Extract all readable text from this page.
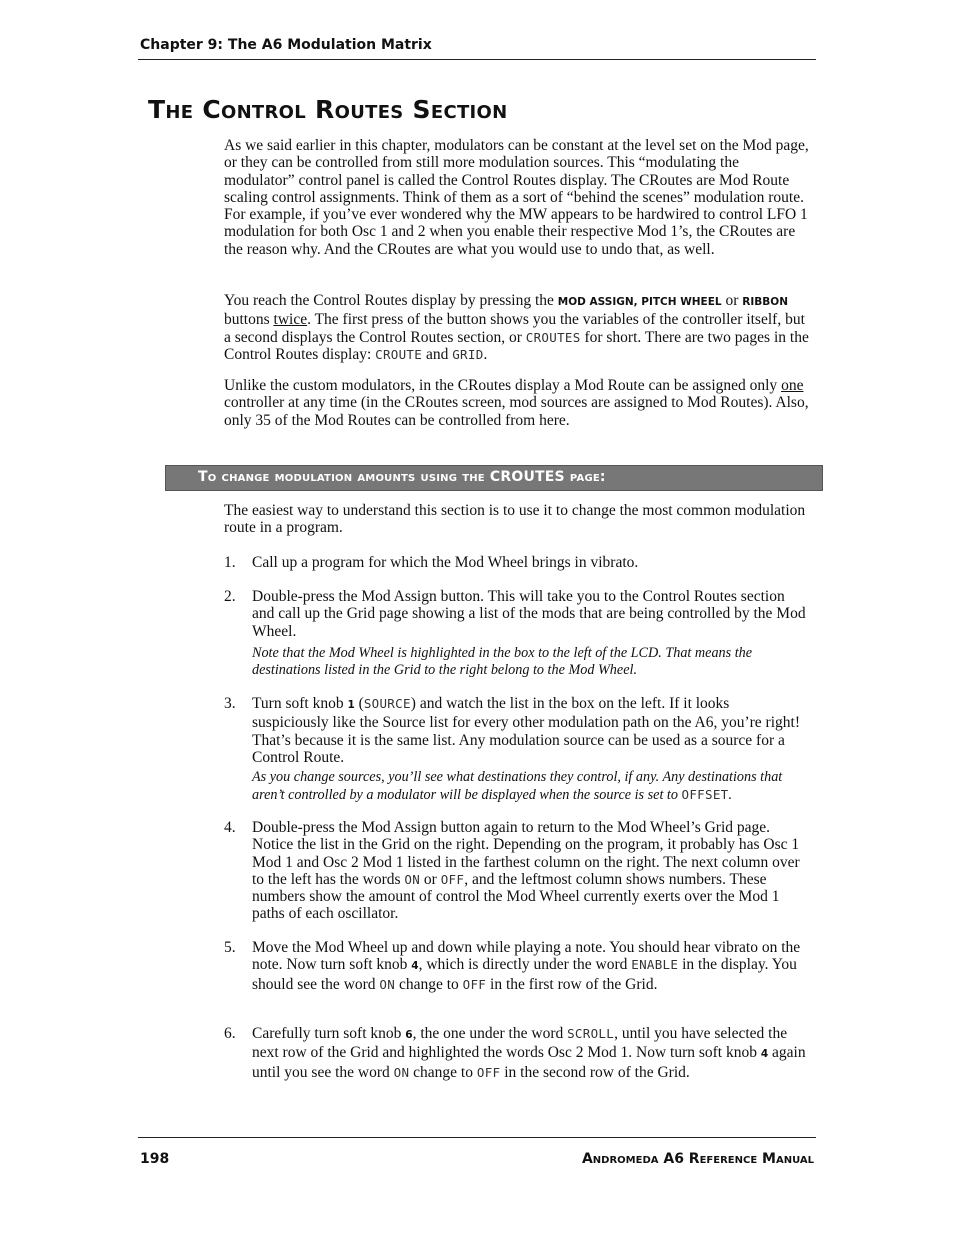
Chapter 9: The A6 Modulation Matrix
The Control Routes Section
As we said earlier in this chapter, modulators can be constant at the level set on the Mod page, or they can be controlled from still more modulation sources. This “modulating the modulator” control panel is called the Control Routes display. The CRoutes are Mod Route scaling control assignments. Think of them as a sort of “behind the scenes” modulation route. For example, if you’ve ever wondered why the MW appears to be hardwired to control LFO 1 modulation for both Osc 1 and 2 when you enable their respective Mod 1’s, the CRoutes are the reason why. And the CRoutes are what you would use to undo that, as well.
You reach the Control Routes display by pressing the MOD ASSIGN, PITCH WHEEL or RIBBON buttons twice. The first press of the button shows you the variables of the controller itself, but a second displays the Control Routes section, or CROUTES for short. There are two pages in the Control Routes display: CROUTE and GRID.
Unlike the custom modulators, in the CRoutes display a Mod Route can be assigned only one controller at any time (in the CRoutes screen, mod sources are assigned to Mod Routes). Also, only 35 of the Mod Routes can be controlled from here.
To change modulation amounts using the CROUTES page:
The easiest way to understand this section is to use it to change the most common modulation route in a program.
1.	Call up a program for which the Mod Wheel brings in vibrato.
2.	Double-press the Mod Assign button. This will take you to the Control Routes section and call up the Grid page showing a list of the mods that are being controlled by the Mod Wheel.
Note that the Mod Wheel is highlighted in the box to the left of the LCD. That means the destinations listed in the Grid to the right belong to the Mod Wheel.
3.	Turn soft knob 1 (SOURCE) and watch the list in the box on the left. If it looks suspiciously like the Source list for every other modulation path on the A6, you’re right! That’s because it is the same list. Any modulation source can be used as a source for a Control Route.
As you change sources, you’ll see what destinations they control, if any. Any destinations that aren’t controlled by a modulator will be displayed when the source is set to OFFSET.
4.	Double-press the Mod Assign button again to return to the Mod Wheel’s Grid page. Notice the list in the Grid on the right. Depending on the program, it probably has Osc 1 Mod 1 and Osc 2 Mod 1 listed in the farthest column on the right. The next column over to the left has the words ON or OFF, and the leftmost column shows numbers. These numbers show the amount of control the Mod Wheel currently exerts over the Mod 1 paths of each oscillator.
5.	Move the Mod Wheel up and down while playing a note. You should hear vibrato on the note. Now turn soft knob 4, which is directly under the word ENABLE in the display. You should see the word ON change to OFF in the first row of the Grid.
6.	Carefully turn soft knob 6, the one under the word SCROLL, until you have selected the next row of the Grid and highlighted the words Osc 2 Mod 1. Now turn soft knob 4 again until you see the word ON change to OFF in the second row of the Grid.
198	Andromeda A6 Reference Manual
